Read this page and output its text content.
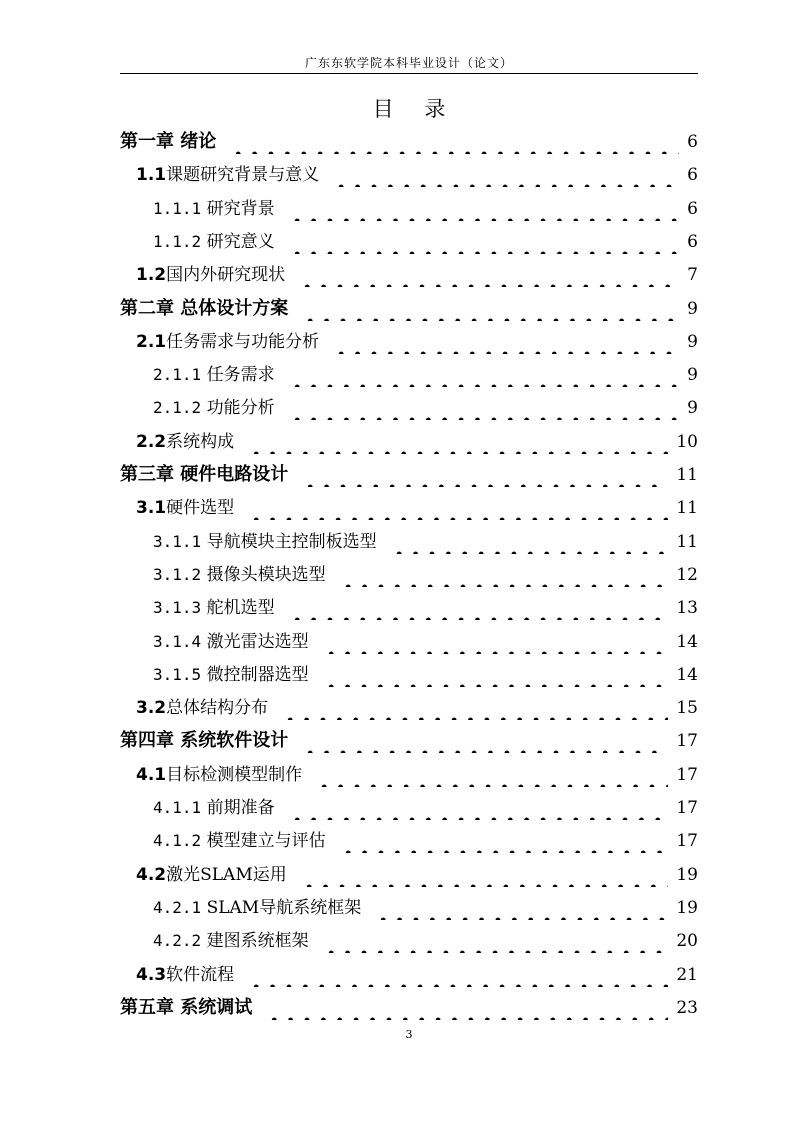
广东东软学院本科毕业设计（论文）
目 录
第一章 绪论	6
1.1课题研究背景与意义	6
1.1.1 研究背景	6
1.1.2 研究意义	6
1.2国内外研究现状	7
第二章 总体设计方案	9
2.1任务需求与功能分析	9
2.1.1 任务需求	9
2.1.2 功能分析	9
2.2系统构成	10
第三章 硬件电路设计	11
3.1硬件选型	11
3.1.1 导航模块主控制板选型	11
3.1.2 摄像头模块选型	12
3.1.3 舵机选型	13
3.1.4 激光雷达选型	14
3.1.5 微控制器选型	14
3.2总体结构分布	15
第四章 系统软件设计	17
4.1目标检测模型制作	17
4.1.1 前期准备	17
4.1.2 模型建立与评估	17
4.2激光SLAM运用	19
4.2.1 SLAM导航系统框架	19
4.2.2 建图系统框架	20
4.3软件流程	21
第五章 系统调试	23
3
